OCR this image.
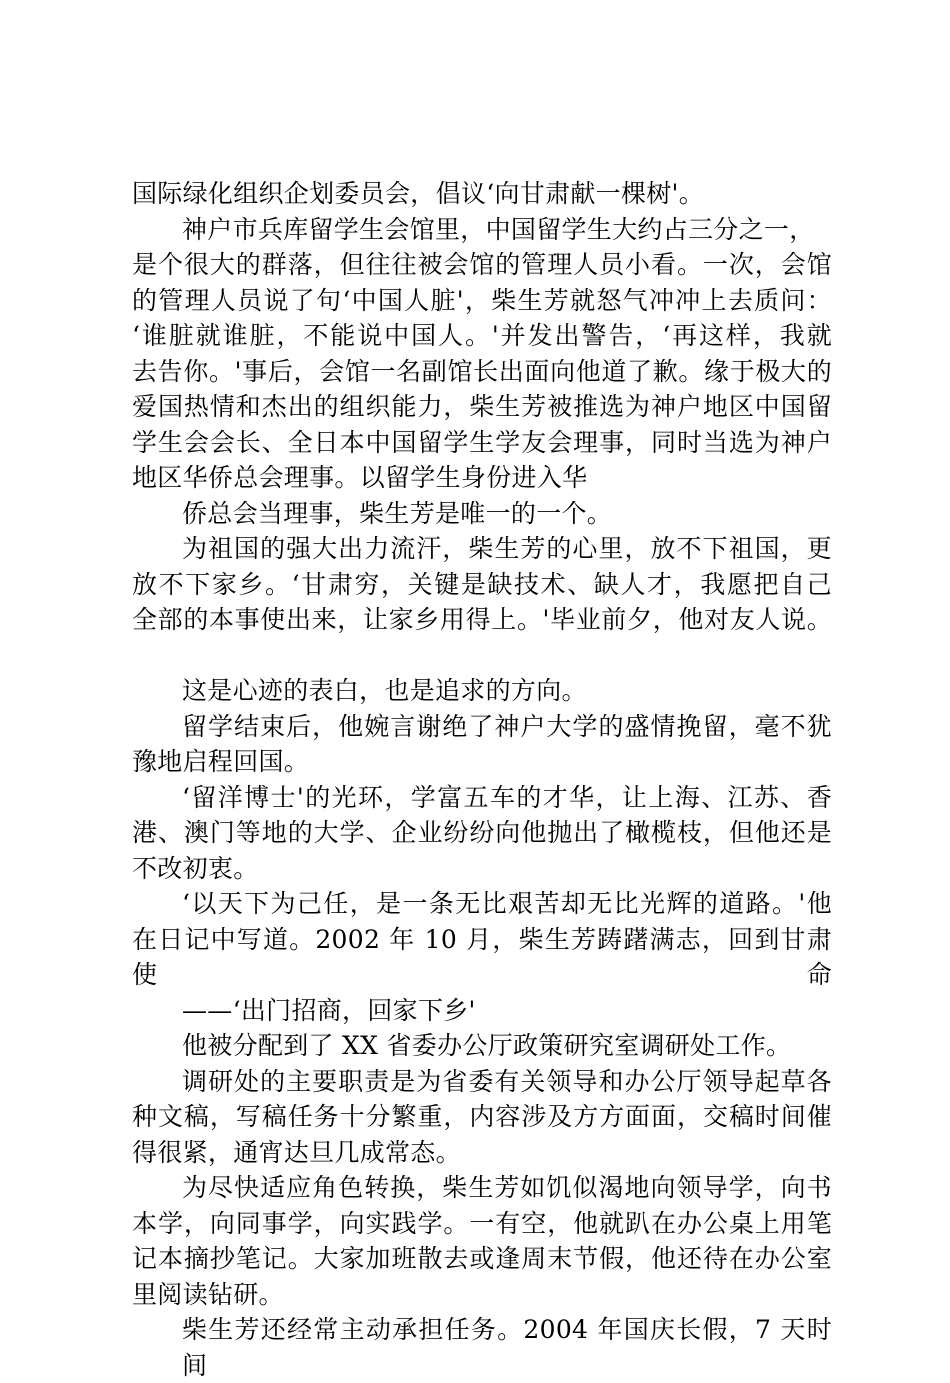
国际绿化组织企划委员会，倡议‘向甘肃献一棵树'。
神户市兵库留学生会馆里，中国留学生大约占三分之一，
是个很大的群落，但往往被会馆的管理人员小看。一次，会馆
的管理人员说了句‘中国人脏'，柴生芳就怒气冲冲上去质问：
‘谁脏就谁脏，不能说中国人。'并发出警告，‘再这样，我就
去告你。'事后，会馆一名副馆长出面向他道了歉。缘于极大的
爱国热情和杰出的组织能力，柴生芳被推选为神户地区中国留
学生会会长、全日本中国留学生学友会理事，同时当选为神户
地区华侨总会理事。以留学生身份进入华
侨总会当理事，柴生芳是唯一的一个。
为祖国的强大出力流汗，柴生芳的心里，放不下祖国，更
放不下家乡。‘甘肃穷，关键是缺技术、缺人才，我愿把自己
全部的本事使出来，让家乡用得上。'毕业前夕，他对友人说。
这是心迹的表白，也是追求的方向。
留学结束后，他婉言谢绝了神户大学的盛情挽留，毫不犹
豫地启程回国。
‘留洋博士'的光环，学富五车的才华，让上海、江苏、香
港、澳门等地的大学、企业纷纷向他抛出了橄榄枝，但他还是
不改初衷。
‘以天下为己任，是一条无比艰苦却无比光辉的道路。'他
在日记中写道。2002 年 10 月，柴生芳踌躇满志，回到甘肃使命
——‘出门招商，回家下乡'
他被分配到了 XX 省委办公厅政策研究室调研处工作。
调研处的主要职责是为省委有关领导和办公厅领导起草各
种文稿，写稿任务十分繁重，内容涉及方方面面，交稿时间催
得很紧，通宵达旦几成常态。
为尽快适应角色转换，柴生芳如饥似渴地向领导学，向书
本学，向同事学，向实践学。一有空，他就趴在办公桌上用笔
记本摘抄笔记。大家加班散去或逢周末节假，他还待在办公室
里阅读钻研。
柴生芳还经常主动承担任务。2004 年国庆长假，7 天时间
